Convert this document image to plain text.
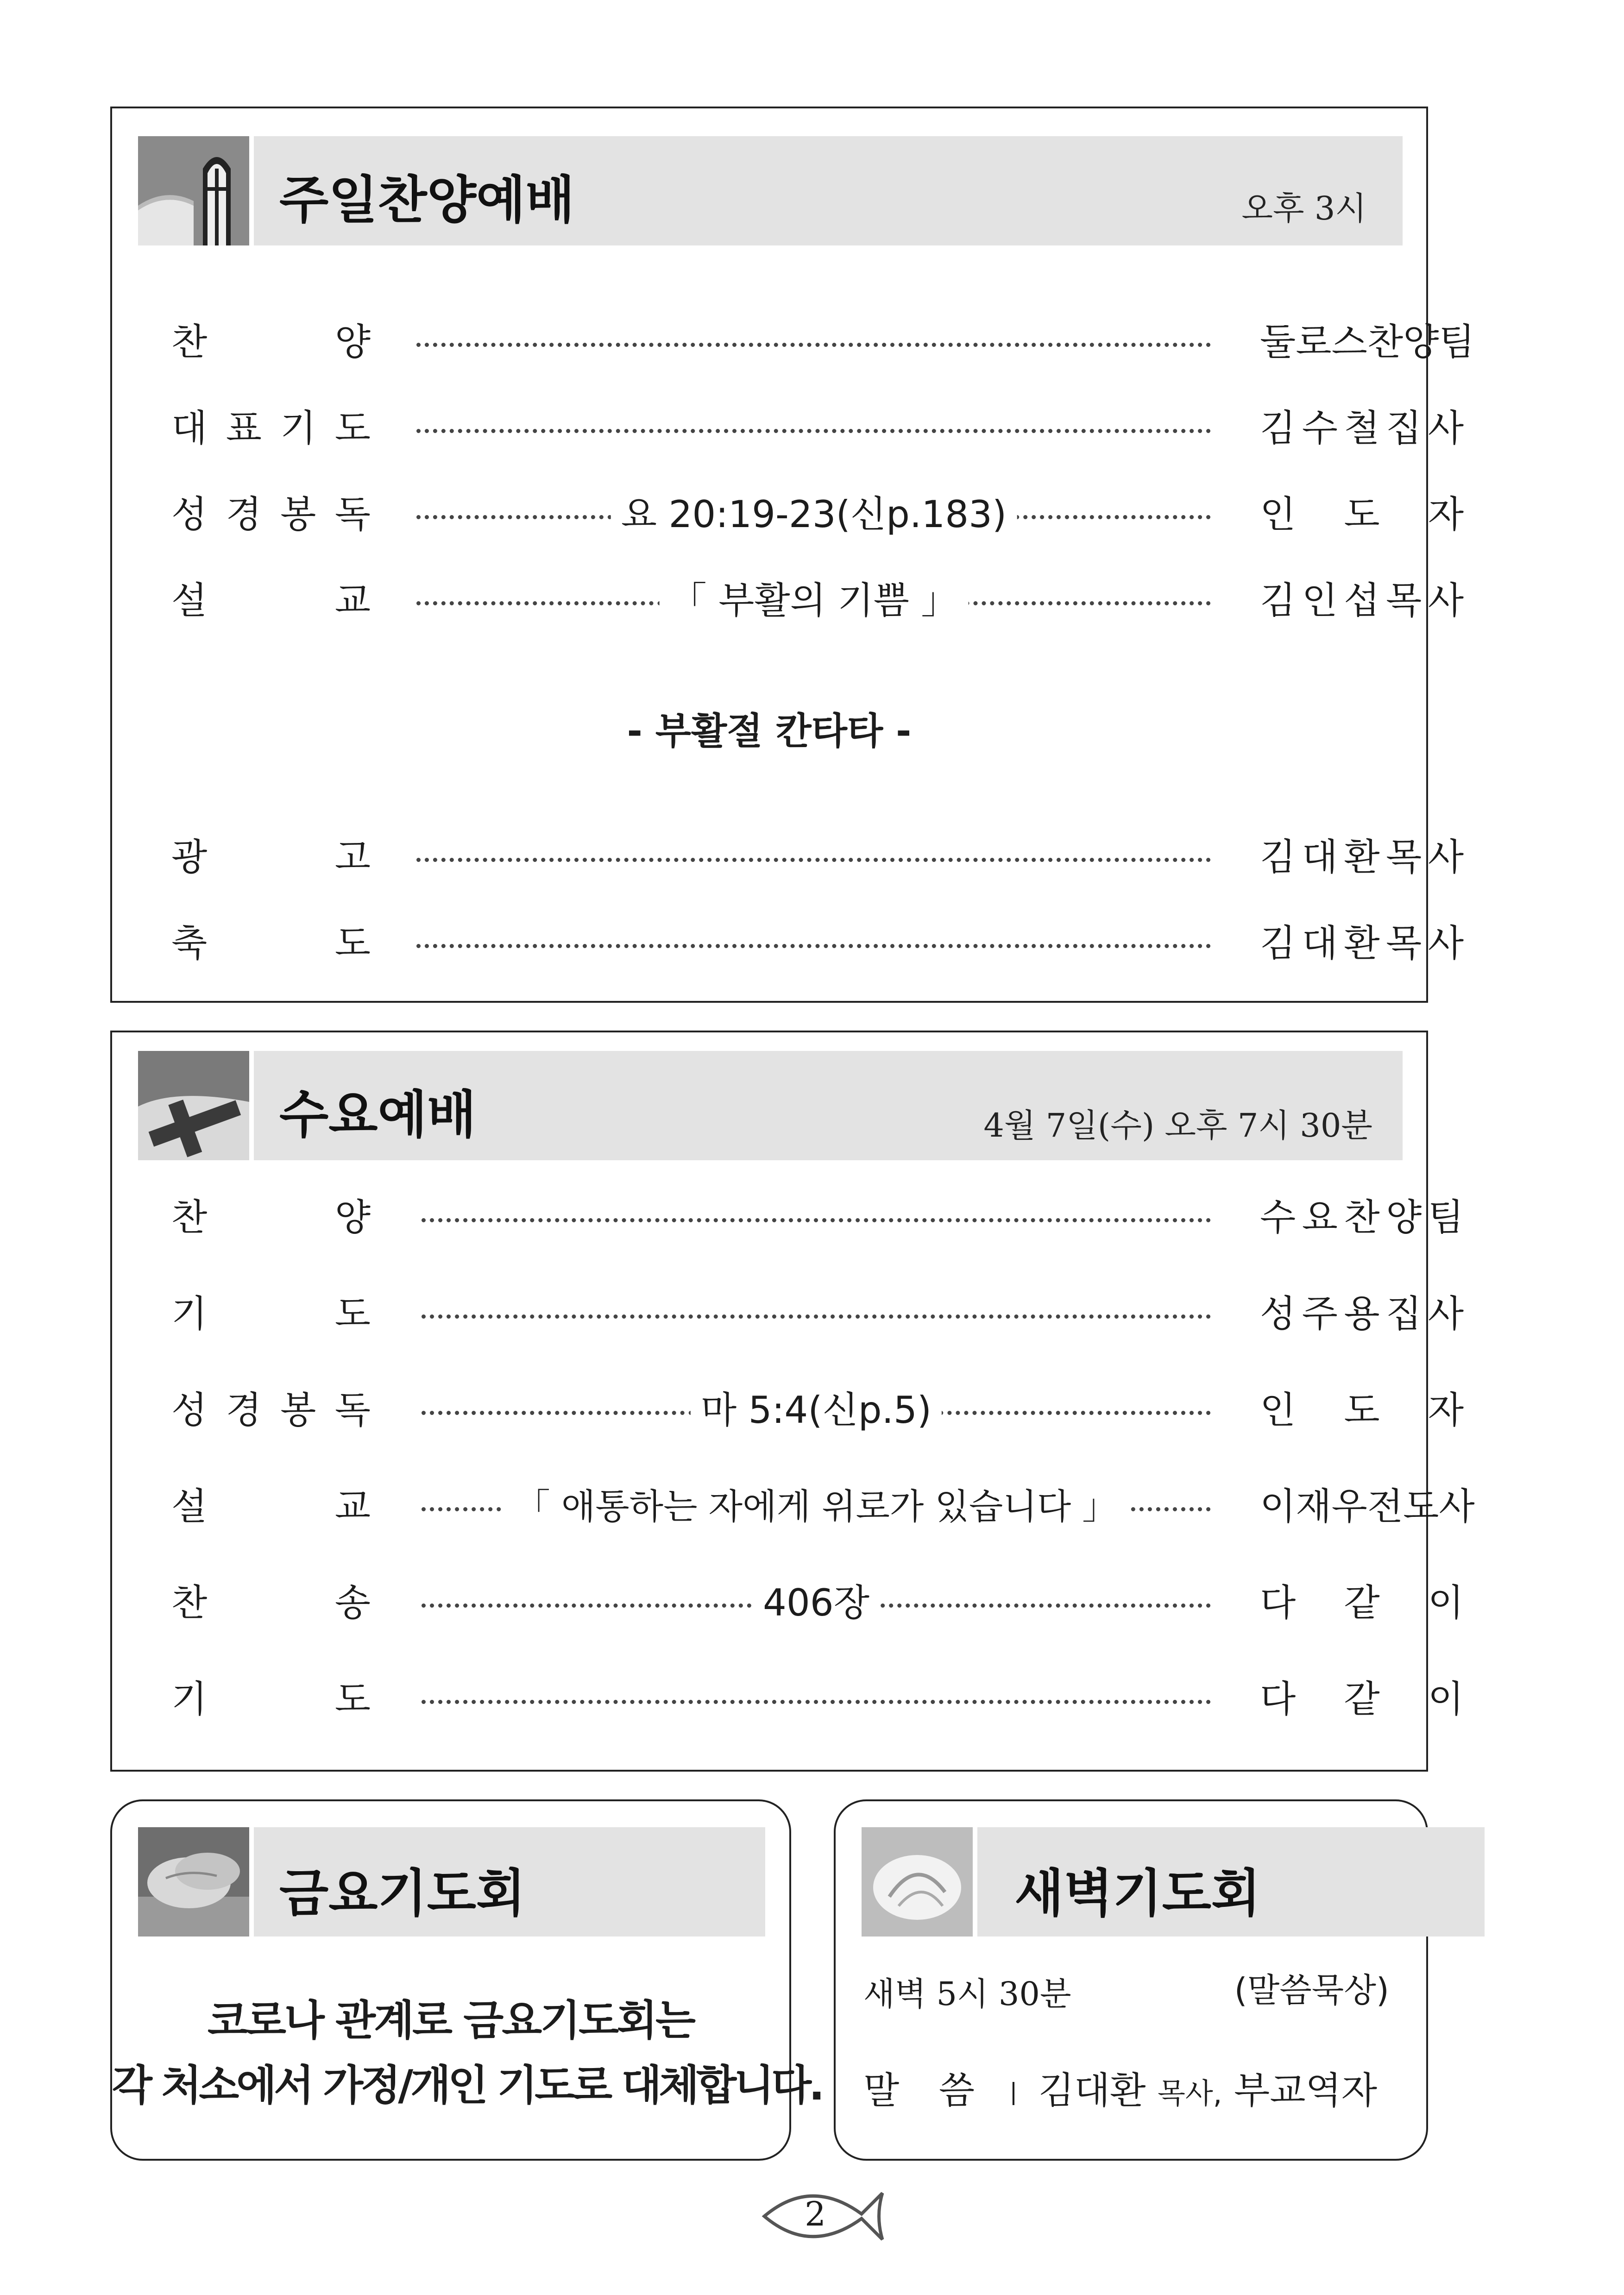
주일찬양예배	오후 3시
찬	양	둘로스찬양팀
대 표 기 도	김 수 철 집 사
성 경 봉 독	요 20:19-23(신p.183)	인 도 자
설	교	「 부활의 기쁨 」	김 인 섭 목 사
- 부활절 칸타타 -
광	고	김 대 환 목 사
축	도	김 대 환 목 사
수요예배	4월 7일(수) 오후 7시 30분
찬	양	수 요 찬 양 팀
기	도	성 주 용 집 사
성 경 봉 독	마 5:4(신p.5)	인 도 자
설	교	「 애통하는 자에게 위로가 있습니다 」	이재우전도사
찬	송	406장	다 같 이
기	도	다 같 이
금요기도회
코로나 관계로 금요기도회는
각 처소에서 가정/개인 기도로 대체합니다.
새벽기도회
새벽 5시 30분	(말씀묵상)
말 씀 | 김대환 목사, 부교역자
2
